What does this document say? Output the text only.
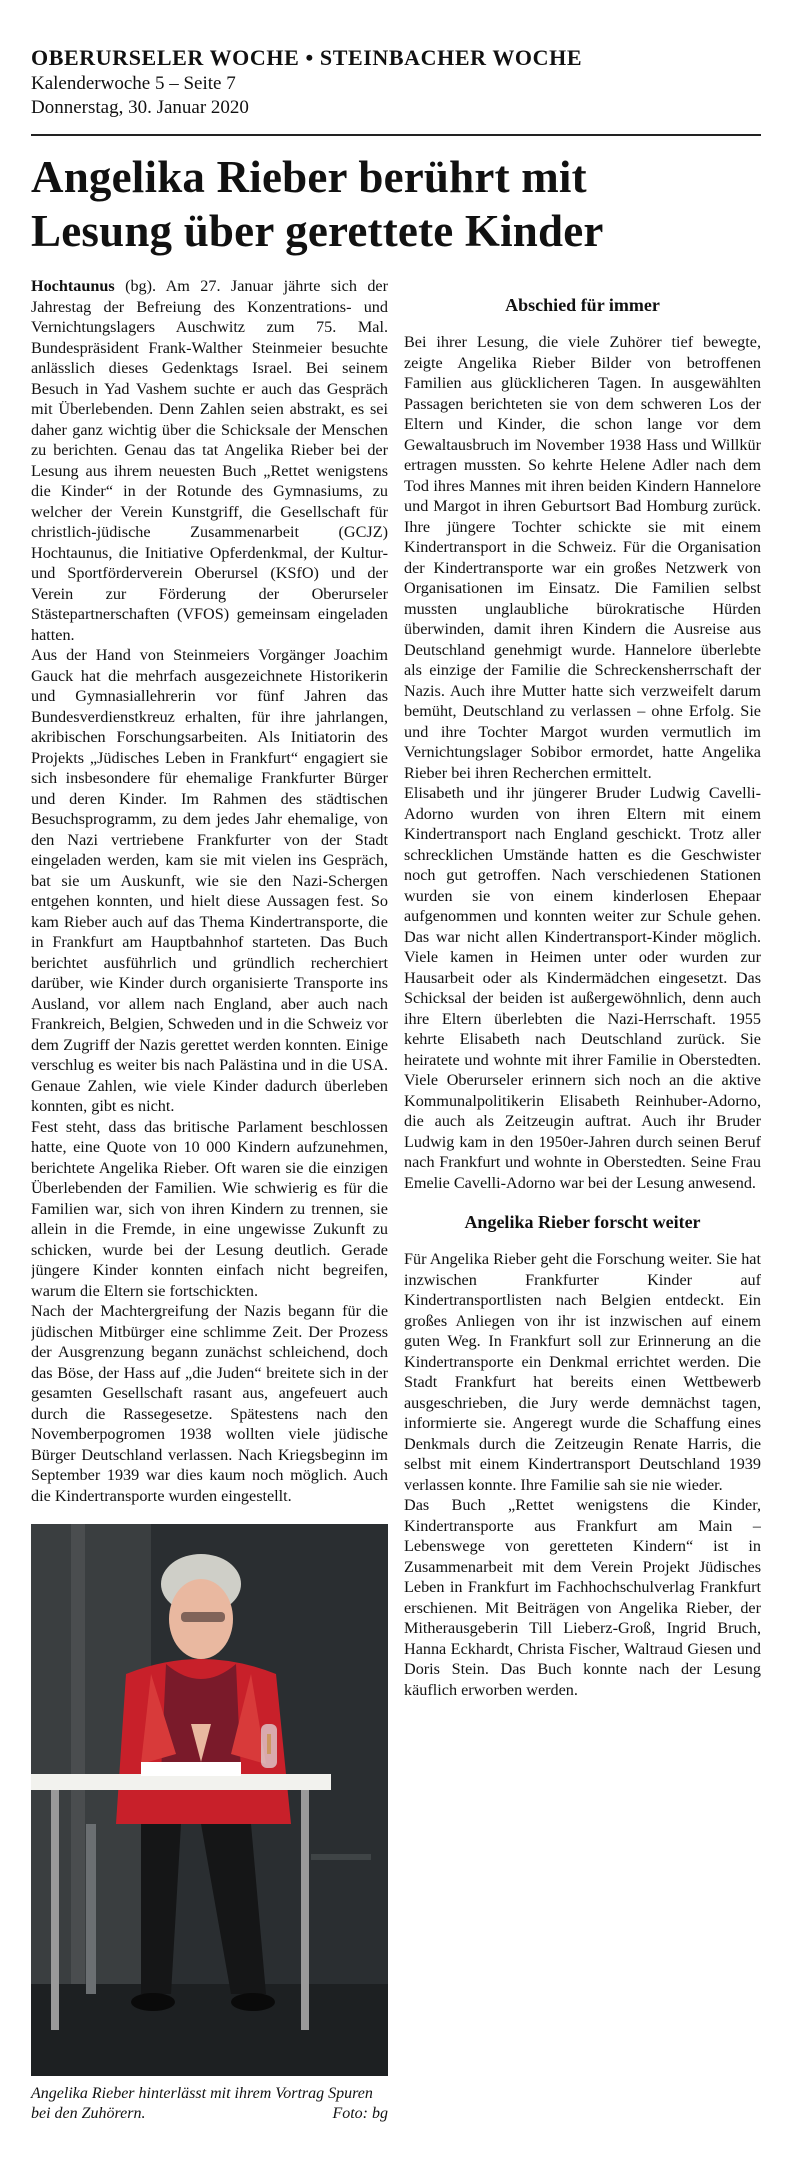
OBERURSELER WOCHE • STEINBACHER WOCHE
Kalenderwoche 5 – Seite 7
Donnerstag, 30. Januar 2020
Angelika Rieber berührt mit
Lesung über gerettete Kinder

Hochtaunus (bg). Am 27. Januar jährte sich der Jahrestag der Befreiung des Konzentrations- und Vernichtungslagers Auschwitz zum 75. Mal. Bundespräsident Frank-Walther Steinmeier besuchte anlässlich dieses Gedenktags Israel. Bei seinem Besuch in Yad Vashem suchte er auch das Gespräch mit Überlebenden. Denn Zahlen seien abstrakt, es sei daher ganz wichtig über die Schicksale der Menschen zu berichten. Genau das tat Angelika Rieber bei der Lesung aus ihrem neuesten Buch „Rettet wenigstens die Kinder“ in der Rotunde des Gymnasiums, zu welcher der Verein Kunstgriff, die Gesellschaft für christlich-jüdische Zusammenarbeit (GCJZ) Hochtaunus, die Initiative Opferdenkmal, der Kultur- und Sportförderverein Oberursel (KSfO) und der Verein zur Förderung der Oberurseler Stästepartnerschaften (VFOS) gemeinsam eingeladen hatten.

Aus der Hand von Steinmeiers Vorgänger Joachim Gauck hat die mehrfach ausgezeichnete Historikerin und Gymnasiallehrerin vor fünf Jahren das Bundesverdienstkreuz erhalten, für ihre jahrlangen, akribischen Forschungsarbeiten. Als Initiatorin des Projekts „Jüdisches Leben in Frankfurt“ engagiert sie sich insbesondere für ehemalige Frankfurter Bürger und deren Kinder. Im Rahmen des städtischen Besuchsprogramm, zu dem jedes Jahr ehemalige, von den Nazi vertriebene Frankfurter von der Stadt eingeladen werden, kam sie mit vielen ins Gespräch, bat sie um Auskunft, wie sie den Nazi-Schergen entgehen konnten, und hielt diese Aussagen fest. So kam Rieber auch auf das Thema Kindertransporte, die in Frankfurt am Hauptbahnhof starteten. Das Buch berichtet ausführlich und gründlich recherchiert darüber, wie Kinder durch organisierte Transporte ins Ausland, vor allem nach England, aber auch nach Frankreich, Belgien, Schweden und in die Schweiz vor dem Zugriff der Nazis gerettet werden konnten. Einige verschlug es weiter bis nach Palästina und in die USA. Genaue Zahlen, wie viele Kinder dadurch überleben konnten, gibt es nicht.

Fest steht, dass das britische Parlament beschlossen hatte, eine Quote von 10 000 Kindern aufzunehmen, berichtete Angelika Rieber. Oft waren sie die einzigen Überlebenden der Familien. Wie schwierig es für die Familien war, sich von ihren Kindern zu trennen, sie allein in die Fremde, in eine ungewisse Zukunft zu schicken, wurde bei der Lesung deutlich. Gerade jüngere Kinder konnten einfach nicht begreifen, warum die Eltern sie fortschickten.

Nach der Machtergreifung der Nazis begann für die jüdischen Mitbürger eine schlimme Zeit. Der Prozess der Ausgrenzung begann zunächst schleichend, doch das Böse, der Hass auf „die Juden“ breitete sich in der gesamten Gesellschaft rasant aus, angefeuert auch durch die Rassegesetze. Spätestens nach den Novemberpogromen 1938 wollten viele jüdische Bürger Deutschland verlassen. Nach Kriegsbeginn im September 1939 war dies kaum noch möglich. Auch die Kindertransporte wurden eingestellt.

Abschied für immer

Bei ihrer Lesung, die viele Zuhörer tief bewegte, zeigte Angelika Rieber Bilder von betroffenen Familien aus glücklicheren Tagen. In ausgewählten Passagen berichteten sie von dem schweren Los der Eltern und Kinder, die schon lange vor dem Gewaltausbruch im November 1938 Hass und Willkür ertragen mussten. So kehrte Helene Adler nach dem Tod ihres Mannes mit ihren beiden Kindern Hannelore und Margot in ihren Geburtsort Bad Homburg zurück. Ihre jüngere Tochter schickte sie mit einem Kindertransport in die Schweiz. Für die Organisation der Kindertransporte war ein großes Netzwerk von Organisationen im Einsatz. Die Familien selbst mussten unglaubliche bürokratische Hürden überwinden, damit ihren Kindern die Ausreise aus Deutschland genehmigt wurde. Hannelore überlebte als einzige der Familie die Schreckensherrschaft der Nazis. Auch ihre Mutter hatte sich verzweifelt darum bemüht, Deutschland zu verlassen – ohne Erfolg. Sie und ihre Tochter Margot wurden vermutlich im Vernichtungslager Sobibor ermordet, hatte Angelika Rieber bei ihren Recherchen ermittelt.

Elisabeth und ihr jüngerer Bruder Ludwig Cavelli-Adorno wurden von ihren Eltern mit einem Kindertransport nach England geschickt. Trotz aller schrecklichen Umstände hatten es die Geschwister noch gut getroffen. Nach verschiedenen Stationen wurden sie von einem kinderlosen Ehepaar aufgenommen und konnten weiter zur Schule gehen. Das war nicht allen Kindertransport-Kinder möglich. Viele kamen in Heimen unter oder wurden zur Hausarbeit oder als Kindermädchen eingesetzt. Das Schicksal der beiden ist außergewöhnlich, denn auch ihre Eltern überlebten die Nazi-Herrschaft. 1955 kehrte Elisabeth nach Deutschland zurück. Sie heiratete und wohnte mit ihrer Familie in Oberstedten. Viele Oberurseler erinnern sich noch an die aktive Kommunalpolitikerin Elisabeth Reinhuber-Adorno, die auch als Zeitzeugin auftrat. Auch ihr Bruder Ludwig kam in den 1950er-Jahren durch seinen Beruf nach Frankfurt und wohnte in Oberstedten. Seine Frau Emelie Cavelli-Adorno war bei der Lesung anwesend.

Angelika Rieber forscht weiter

Für Angelika Rieber geht die Forschung weiter. Sie hat inzwischen Frankfurter Kinder auf Kindertransportlisten nach Belgien entdeckt. Ein großes Anliegen von ihr ist inzwischen auf einem guten Weg. In Frankfurt soll zur Erinnerung an die Kindertransporte ein Denkmal errichtet werden. Die Stadt Frankfurt hat bereits einen Wettbewerb ausgeschrieben, die Jury werde demnächst tagen, informierte sie. Angeregt wurde die Schaffung eines Denkmals durch die Zeitzeugin Renate Harris, die selbst mit einem Kindertransport Deutschland 1939 verlassen konnte. Ihre Familie sah sie nie wieder.

Das Buch „Rettet wenigstens die Kinder, Kindertransporte aus Frankfurt am Main – Lebenswege von geretteten Kindern“ ist in Zusammenarbeit mit dem Verein Projekt Jüdisches Leben in Frankfurt im Fachhochschulverlag Frankfurt erschienen. Mit Beiträgen von Angelika Rieber, der Mitherausgeberin Till Lieberz-Groß, Ingrid Bruch, Hanna Eckhardt, Christa Fischer, Waltraud Giesen und Doris Stein. Das Buch konnte nach der Lesung käuflich erworben werden.

Angelika Rieber hinterlässt mit ihrem Vortrag Spuren bei den Zuhörern.	Foto: bg
